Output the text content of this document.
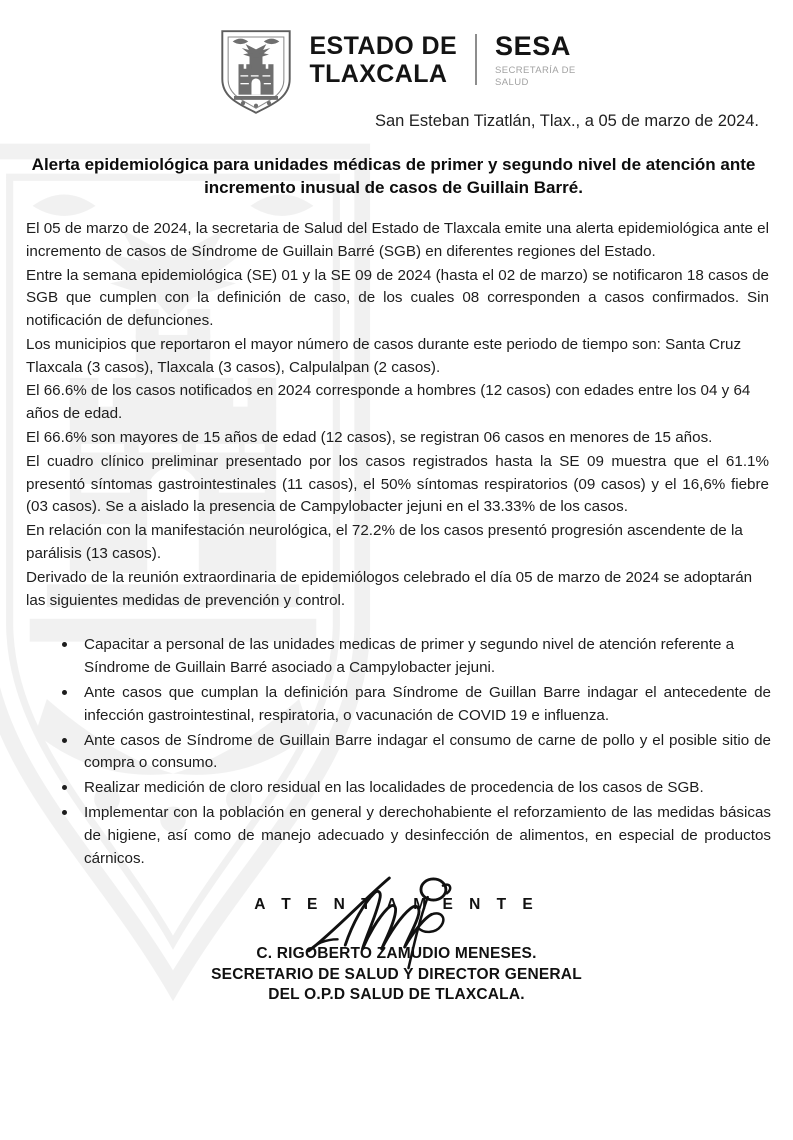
ESTADO DE
TLAXCALA
SESA
SECRETARÍA DE
SALUD
San Esteban Tizatlán, Tlax., a 05 de marzo de 2024.
Alerta epidemiológica para unidades médicas de primer y segundo nivel de atención ante incremento inusual de casos de Guillain Barré.

El 05 de marzo de 2024, la secretaria de Salud del Estado de Tlaxcala emite una alerta epidemiológica ante el incremento de casos de Síndrome de Guillain Barré (SGB) en diferentes regiones del Estado.

Entre la semana epidemiológica (SE) 01 y la SE 09 de 2024 (hasta el 02 de marzo) se notificaron 18 casos de SGB que cumplen con la definición de caso, de los cuales 08 corresponden a casos confirmados. Sin notificación de defunciones.

Los municipios que reportaron el mayor número de casos durante este periodo de tiempo son: Santa Cruz Tlaxcala (3 casos), Tlaxcala (3 casos), Calpulalpan (2 casos).

El 66.6% de los casos notificados en 2024 corresponde a hombres (12 casos) con edades entre los 04 y 64 años de edad.

El 66.6% son mayores de 15 años de edad (12 casos), se registran 06 casos en menores de 15 años.

El cuadro clínico preliminar presentado por los casos registrados hasta la SE 09 muestra que el 61.1% presentó síntomas gastrointestinales (11 casos), el 50% síntomas respiratorios (09 casos) y el 16,6% fiebre (03 casos). Se a aislado la presencia de Campylobacter jejuni en el 33.33% de los casos.

En relación con la manifestación neurológica, el 72.2% de los casos presentó progresión ascendente de la parálisis (13 casos).

Derivado de la reunión extraordinaria de epidemiólogos celebrado el día 05 de marzo de 2024 se adoptarán las siguientes medidas de prevención y control.

Capacitar a personal de las unidades medicas de primer y segundo nivel de atención referente a Síndrome de Guillain Barré asociado a Campylobacter jejuni.
Ante casos que cumplan la definición para Síndrome de Guillan Barre indagar el antecedente de infección gastrointestinal, respiratoria, o vacunación de COVID 19 e influenza.
Ante casos de Síndrome de Guillain Barre indagar el consumo de carne de pollo y el posible sitio de compra o consumo.
Realizar medición de cloro residual en las localidades de procedencia de los casos de SGB.
Implementar con la población en general y derechohabiente el reforzamiento de las medidas básicas de higiene, así como de manejo adecuado y desinfección de alimentos, en especial de productos cárnicos.
A T E N T A M E N T E
C. RIGOBERTO ZAMUDIO MENESES.
SECRETARIO DE SALUD Y DIRECTOR GENERAL
DEL O.P.D SALUD DE TLAXCALA.
